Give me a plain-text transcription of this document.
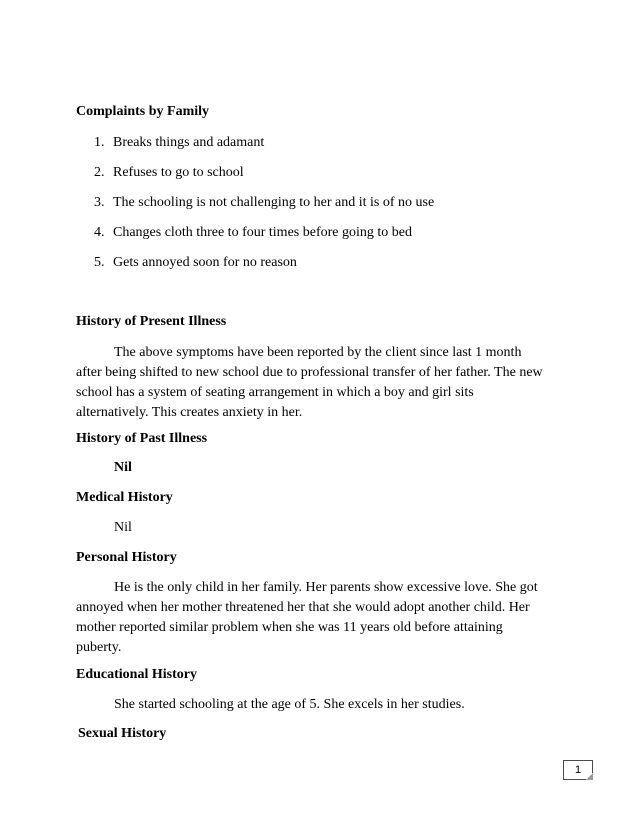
Complaints by Family
1. Breaks things and adamant
2. Refuses to go to school
3. The schooling is not challenging to her and it is of no use
4. Changes cloth three to four times before going to bed
5. Gets annoyed soon for no reason
History of Present Illness
The above symptoms have been reported by the client since last 1 month
after being shifted to new school due to professional transfer of her father. The new
school has a system of seating arrangement in which a boy and girl sits
alternatively. This creates anxiety in her.
History of Past Illness
Nil
Medical History
Nil
Personal History
He is the only child in her family. Her parents show excessive love. She got
annoyed when her mother threatened her that she would adopt another child. Her
mother reported similar problem when she was 11 years old before attaining
puberty.
Educational History
She started schooling at the age of 5. She excels in her studies.
Sexual History
1
